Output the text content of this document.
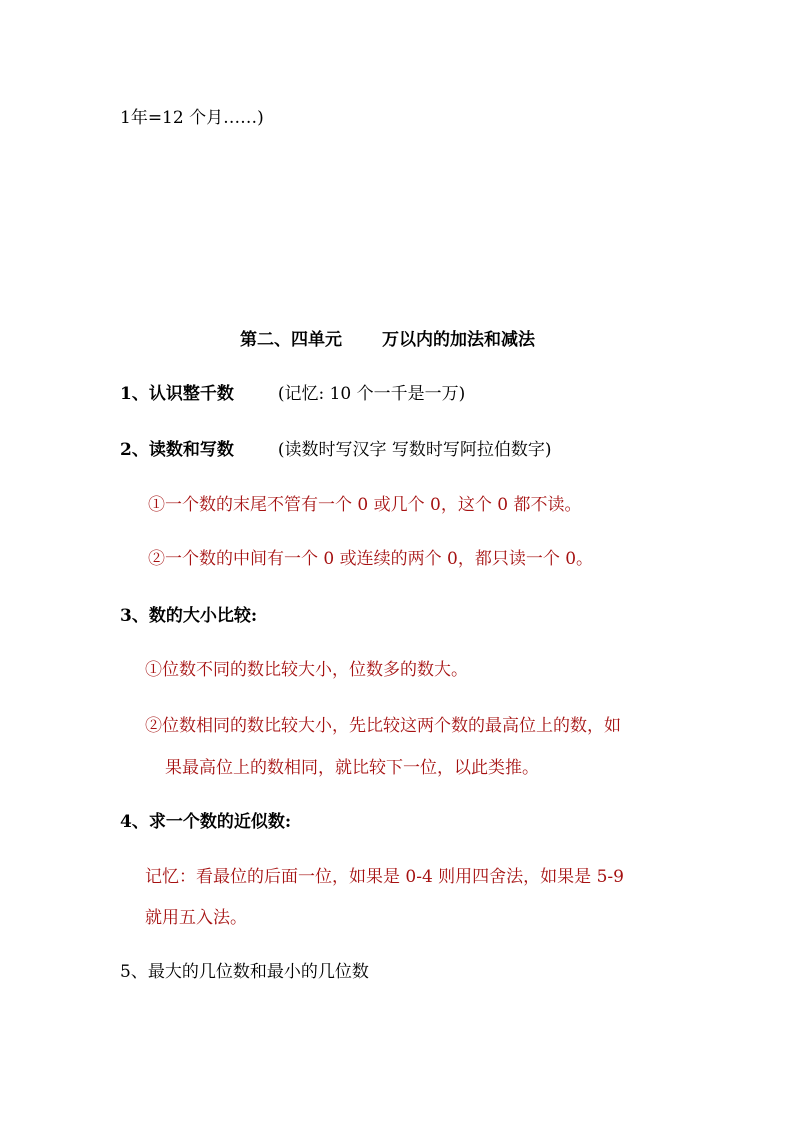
1年=12 个月……)
第二、四单元 万以内的加法和减法
1、认识整千数	(记忆: 10 个一千是一万)
2、读数和写数	(读数时写汉字 写数时写阿拉伯数字)
①一个数的末尾不管有一个 0 或几个 0，这个 0 都不读。
②一个数的中间有一个 0 或连续的两个 0，都只读一个 0。
3、数的大小比较:
①位数不同的数比较大小，位数多的数大。
②位数相同的数比较大小，先比较这两个数的最高位上的数，如
果最高位上的数相同，就比较下一位，以此类推。
4、求一个数的近似数:
记忆：看最位的后面一位，如果是 0-4 则用四舍法，如果是 5-9
就用五入法。
5、最大的几位数和最小的几位数
